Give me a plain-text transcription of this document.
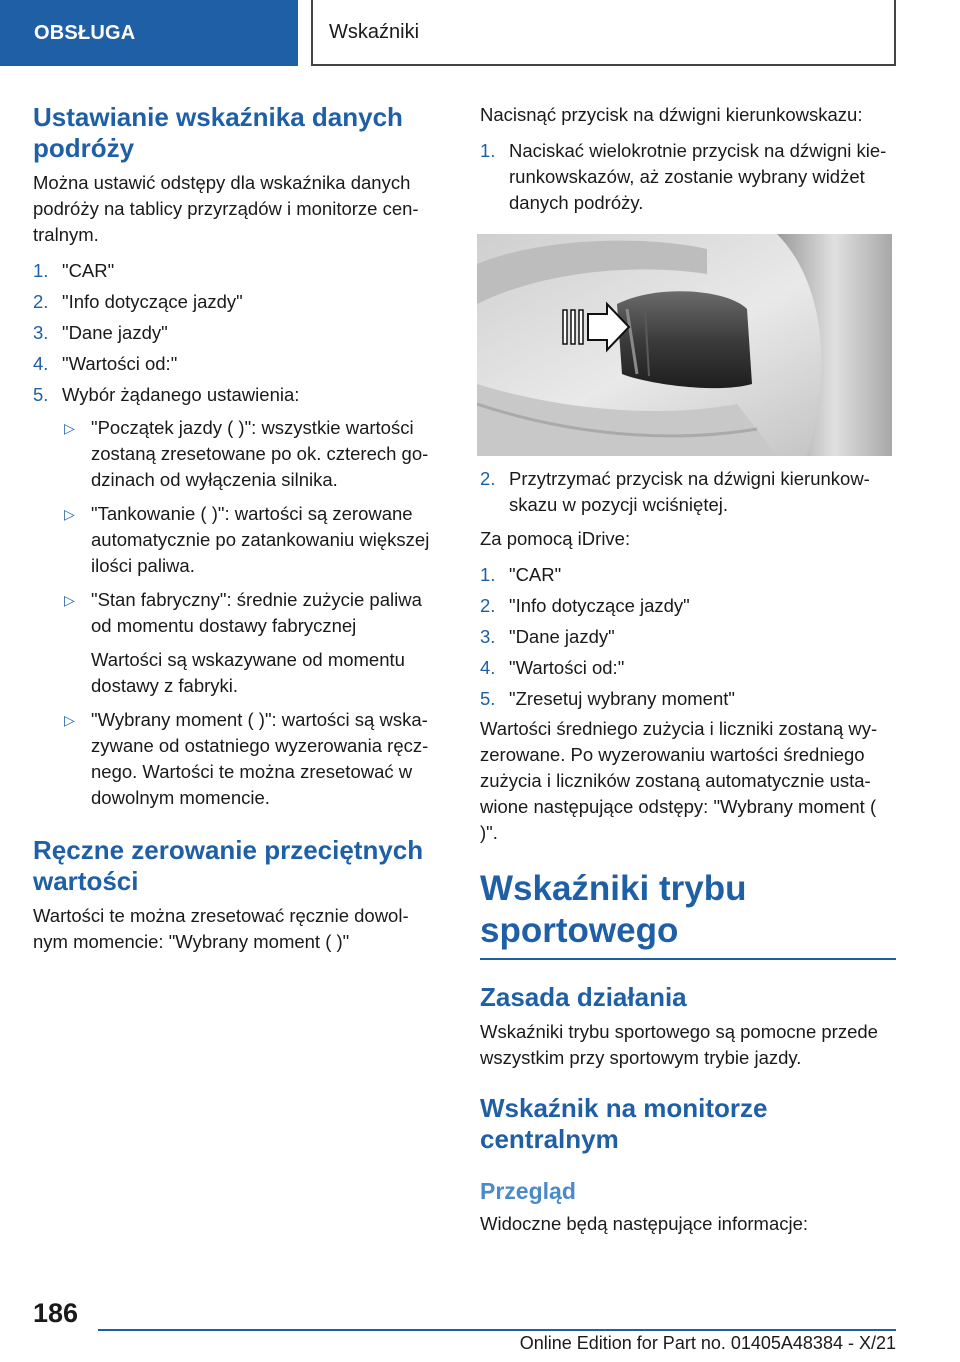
OBSŁUGA	Wskaźniki
Ustawianie wskaźnika danych podróży

Można ustawić odstępy dla wskaźnika danych podróży na tablicy przyrządów i monitorze cen-tralnym.

1. "CAR"
2. "Info dotyczące jazdy"
3. "Dane jazdy"
4. "Wartości od:"
5. Wybór żądanego ustawienia:
▷ "Początek jazdy ( )": wszystkie wartości zostaną zresetowane po ok. czterech go-dzinach od wyłączenia silnika.
▷ "Tankowanie ( )": wartości są zerowane automatycznie po zatankowaniu większej ilości paliwa.
▷ "Stan fabryczny": średnie zużycie paliwa od momentu dostawy fabrycznej

Wartości są wskazywane od momentu dostawy z fabryki.

▷ "Wybrany moment ( )": wartości są wska-zywane od ostatniego wyzerowania ręcz-nego. Wartości te można zresetować w dowolnym momencie.
Ręczne zerowanie przeciętnych wartości

Wartości te można zresetować ręcznie dowol-nym momencie: "Wybrany moment ( )"

Nacisnąć przycisk na dźwigni kierunkowskazu:

1. Naciskać wielokrotnie przycisk na dźwigni kie-runkowskazów, aż zostanie wybrany widżet danych podróży.
2. Przytrzymać przycisk na dźwigni kierunkow-skazu w pozycji wciśniętej.

Za pomocą iDrive:

1. "CAR"
2. "Info dotyczące jazdy"
3. "Dane jazdy"
4. "Wartości od:"
5. "Zresetuj wybrany moment"

Wartości średniego zużycia i liczniki zostaną wy-zerowane. Po wyzerowaniu wartości średniego zużycia i liczników zostaną automatycznie usta-wione następujące odstępy: "Wybrany moment ( )".

Wskaźniki trybu sportowego
Zasada działania

Wskaźniki trybu sportowego są pomocne przede wszystkim przy sportowym trybie jazdy.

Wskaźnik na monitorze centralnym
Przegląd

Widoczne będą następujące informacje:

186
Online Edition for Part no. 01405A48384 - X/21
